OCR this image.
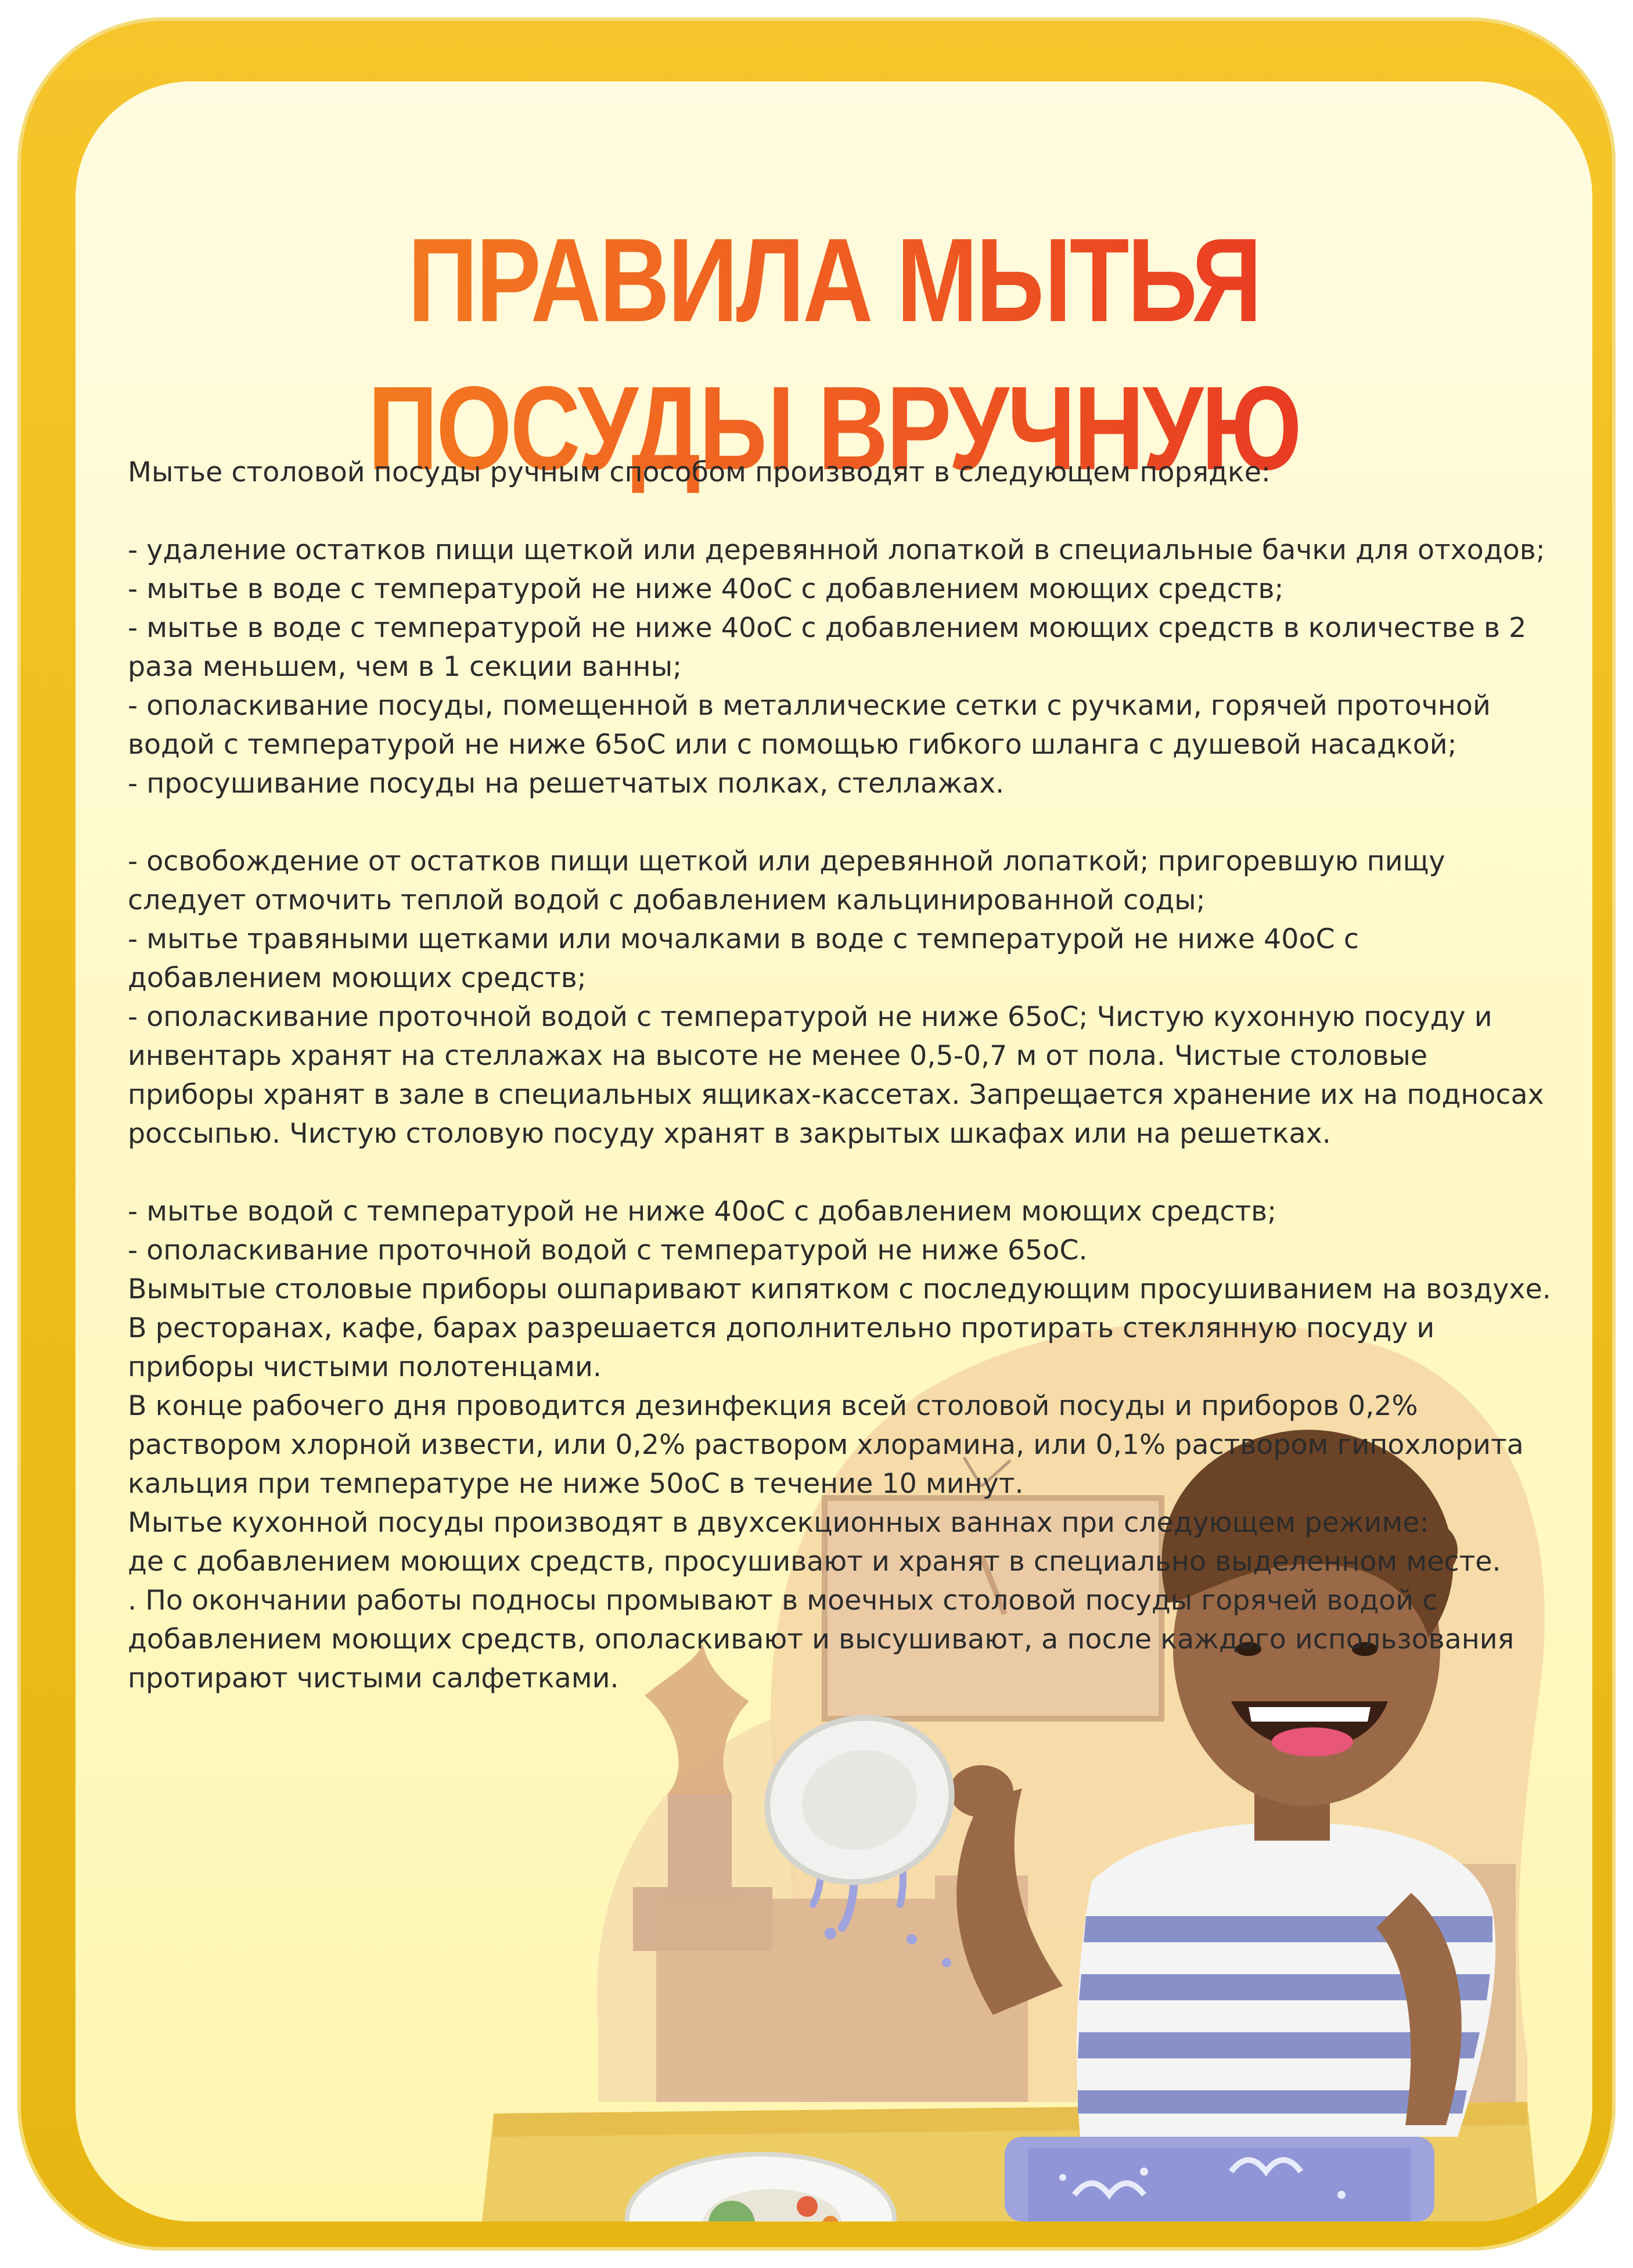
ПРАВИЛА МЫТЬЯ
ПОСУДЫ ВРУЧНУЮ

Мытье столовой посуды ручным способом производят в следующем порядке:

- удаление остатков пищи щеткой или деревянной лопаткой в специальные бачки для отходов;

- мытье в воде с температурой не ниже 40оС с добавлением моющих средств;

- мытье в воде с температурой не ниже 40оС с добавлением моющих средств в количестве в 2 раза меньшем, чем в 1 секции ванны;

- ополаскивание посуды, помещенной в металлические сетки с ручками, горячей проточной водой с температурой не ниже 65оС или с помощью гибкого шланга с душевой насадкой;

- просушивание посуды на решетчатых полках, стеллажах.

- освобождение от остатков пищи щеткой или деревянной лопаткой; пригоревшую пищу следует отмочить теплой водой с добавлением кальцинированной соды;

- мытье травяными щетками или мочалками в воде с температурой не ниже 40оС с добавлением моющих средств;

- ополаскивание проточной водой с температурой не ниже 65оС; Чистую кухонную посуду и инвентарь хранят на стеллажах на высоте не менее 0,5-0,7 м от пола. Чистые столовые приборы хранят в зале в специальных ящиках-кассетах. Запрещается хранение их на подносах россыпью. Чистую столовую посуду хранят в закрытых шкафах или на решетках.

- мытье водой с температурой не ниже 40оС с добавлением моющих средств;

- ополаскивание проточной водой с температурой не ниже 65оС.

Вымытые столовые приборы ошпаривают кипятком с последующим просушиванием на воздухе.

В ресторанах, кафе, барах разрешается дополнительно протирать стеклянную посуду и приборы чистыми полотенцами.

В конце рабочего дня проводится дезинфекция всей столовой посуды и приборов 0,2% раствором хлорной извести, или 0,2% раствором хлорамина, или 0,1% раствором гипохлорита кальция при температуре не ниже 50оС в течение 10 минут.

Мытье кухонной посуды производят в двухсекционных ваннах при следующем режиме:

де с добавлением моющих средств, просушивают и хранят в специально выделенном месте.

. По окончании работы подносы промывают в моечных столовой посуды горячей водой с добавлением моющих средств, ополаскивают и высушивают, а после каждого использования протирают чистыми салфетками.
